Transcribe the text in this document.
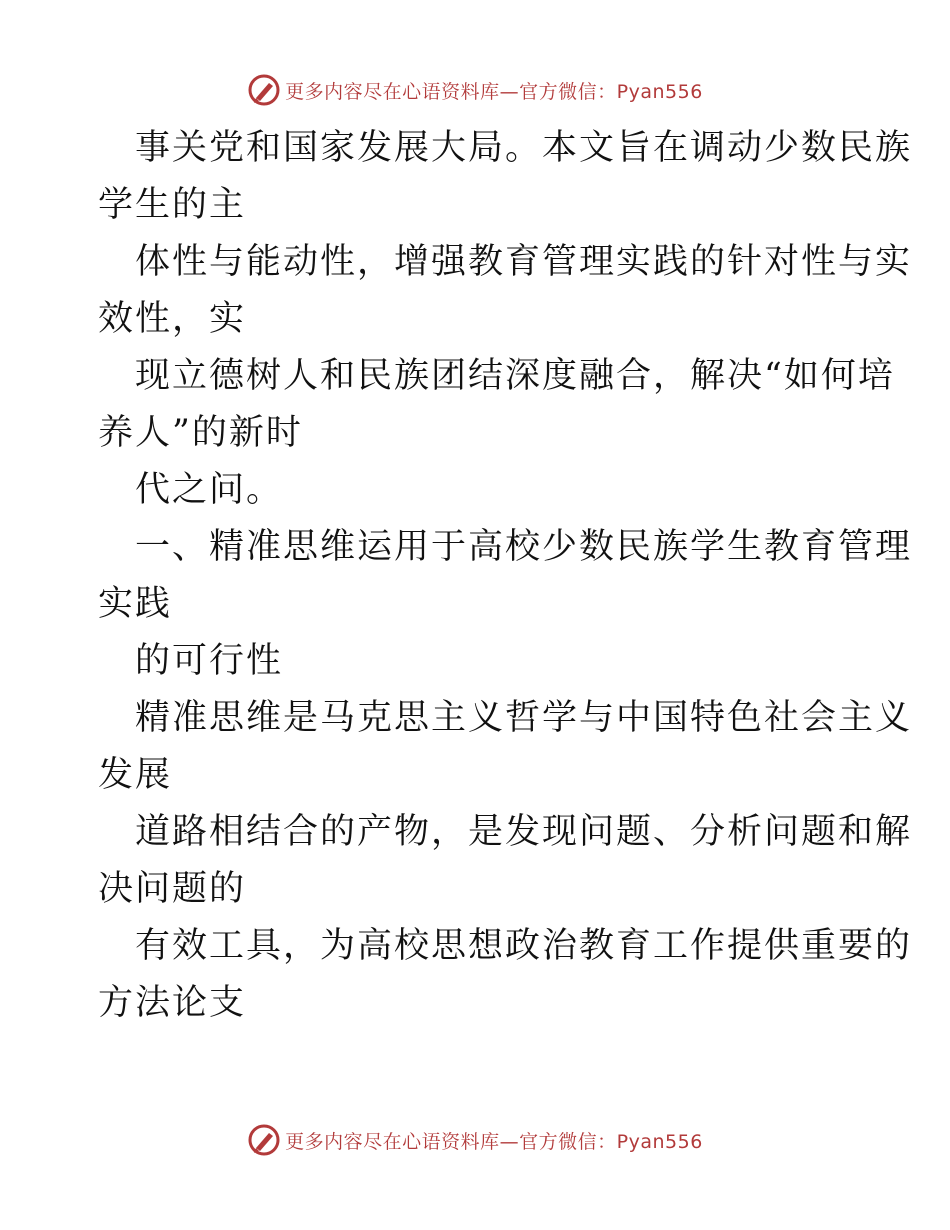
更多内容尽在心语资料库—官方微信：Pyan556

事关党和国家发展大局。本文旨在调动少数民族

学生的主

体性与能动性，增强教育管理实践的针对性与实

效性，实

现立德树人和民族团结深度融合，解决“如何培

养人”的新时

代之问。

一、精准思维运用于高校少数民族学生教育管理

实践

的可行性

精准思维是马克思主义哲学与中国特色社会主义

发展

道路相结合的产物，是发现问题、分析问题和解

决问题的

有效工具，为高校思想政治教育工作提供重要的

方法论支

更多内容尽在心语资料库—官方微信：Pyan556
